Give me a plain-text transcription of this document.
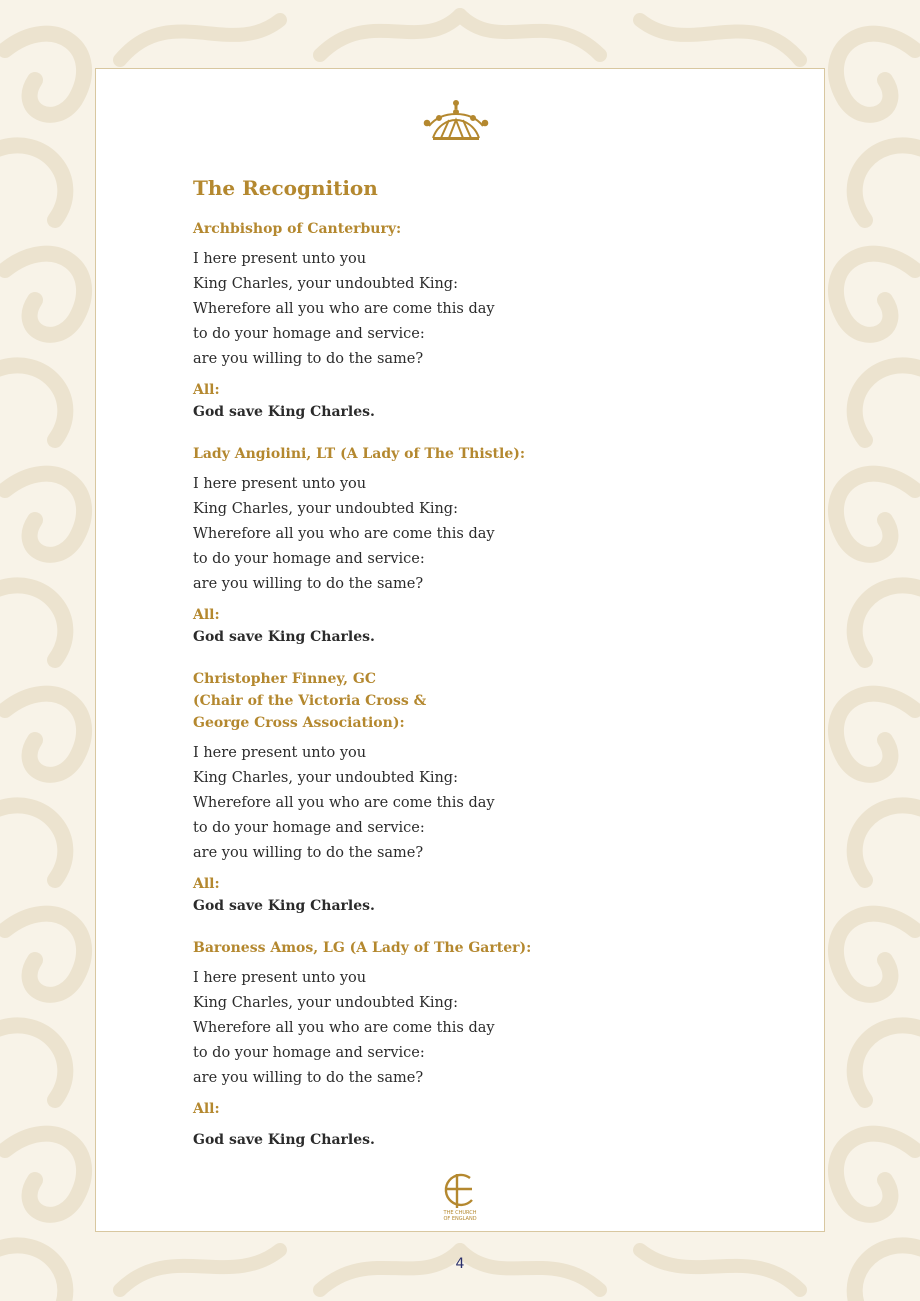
The Recognition
Archbishop of Canterbury:
I here present unto you
King Charles, your undoubted King:
Wherefore all you who are come this day
to do your homage and service:
are you willing to do the same?
All:
God save King Charles.
Lady Angiolini, LT (A Lady of The Thistle):
I here present unto you
King Charles, your undoubted King:
Wherefore all you who are come this day
to do your homage and service:
are you willing to do the same?
All:
God save King Charles.
Christopher Finney, GC
(Chair of the Victoria Cross &
George Cross Association):
I here present unto you
King Charles, your undoubted King:
Wherefore all you who are come this day
to do your homage and service:
are you willing to do the same?
All:
God save King Charles.
Baroness Amos, LG (A Lady of The Garter):
I here present unto you
King Charles, your undoubted King:
Wherefore all you who are come this day
to do your homage and service:
are you willing to do the same?
All:
God save King Charles.
THE CHURCH
OF ENGLAND
4
